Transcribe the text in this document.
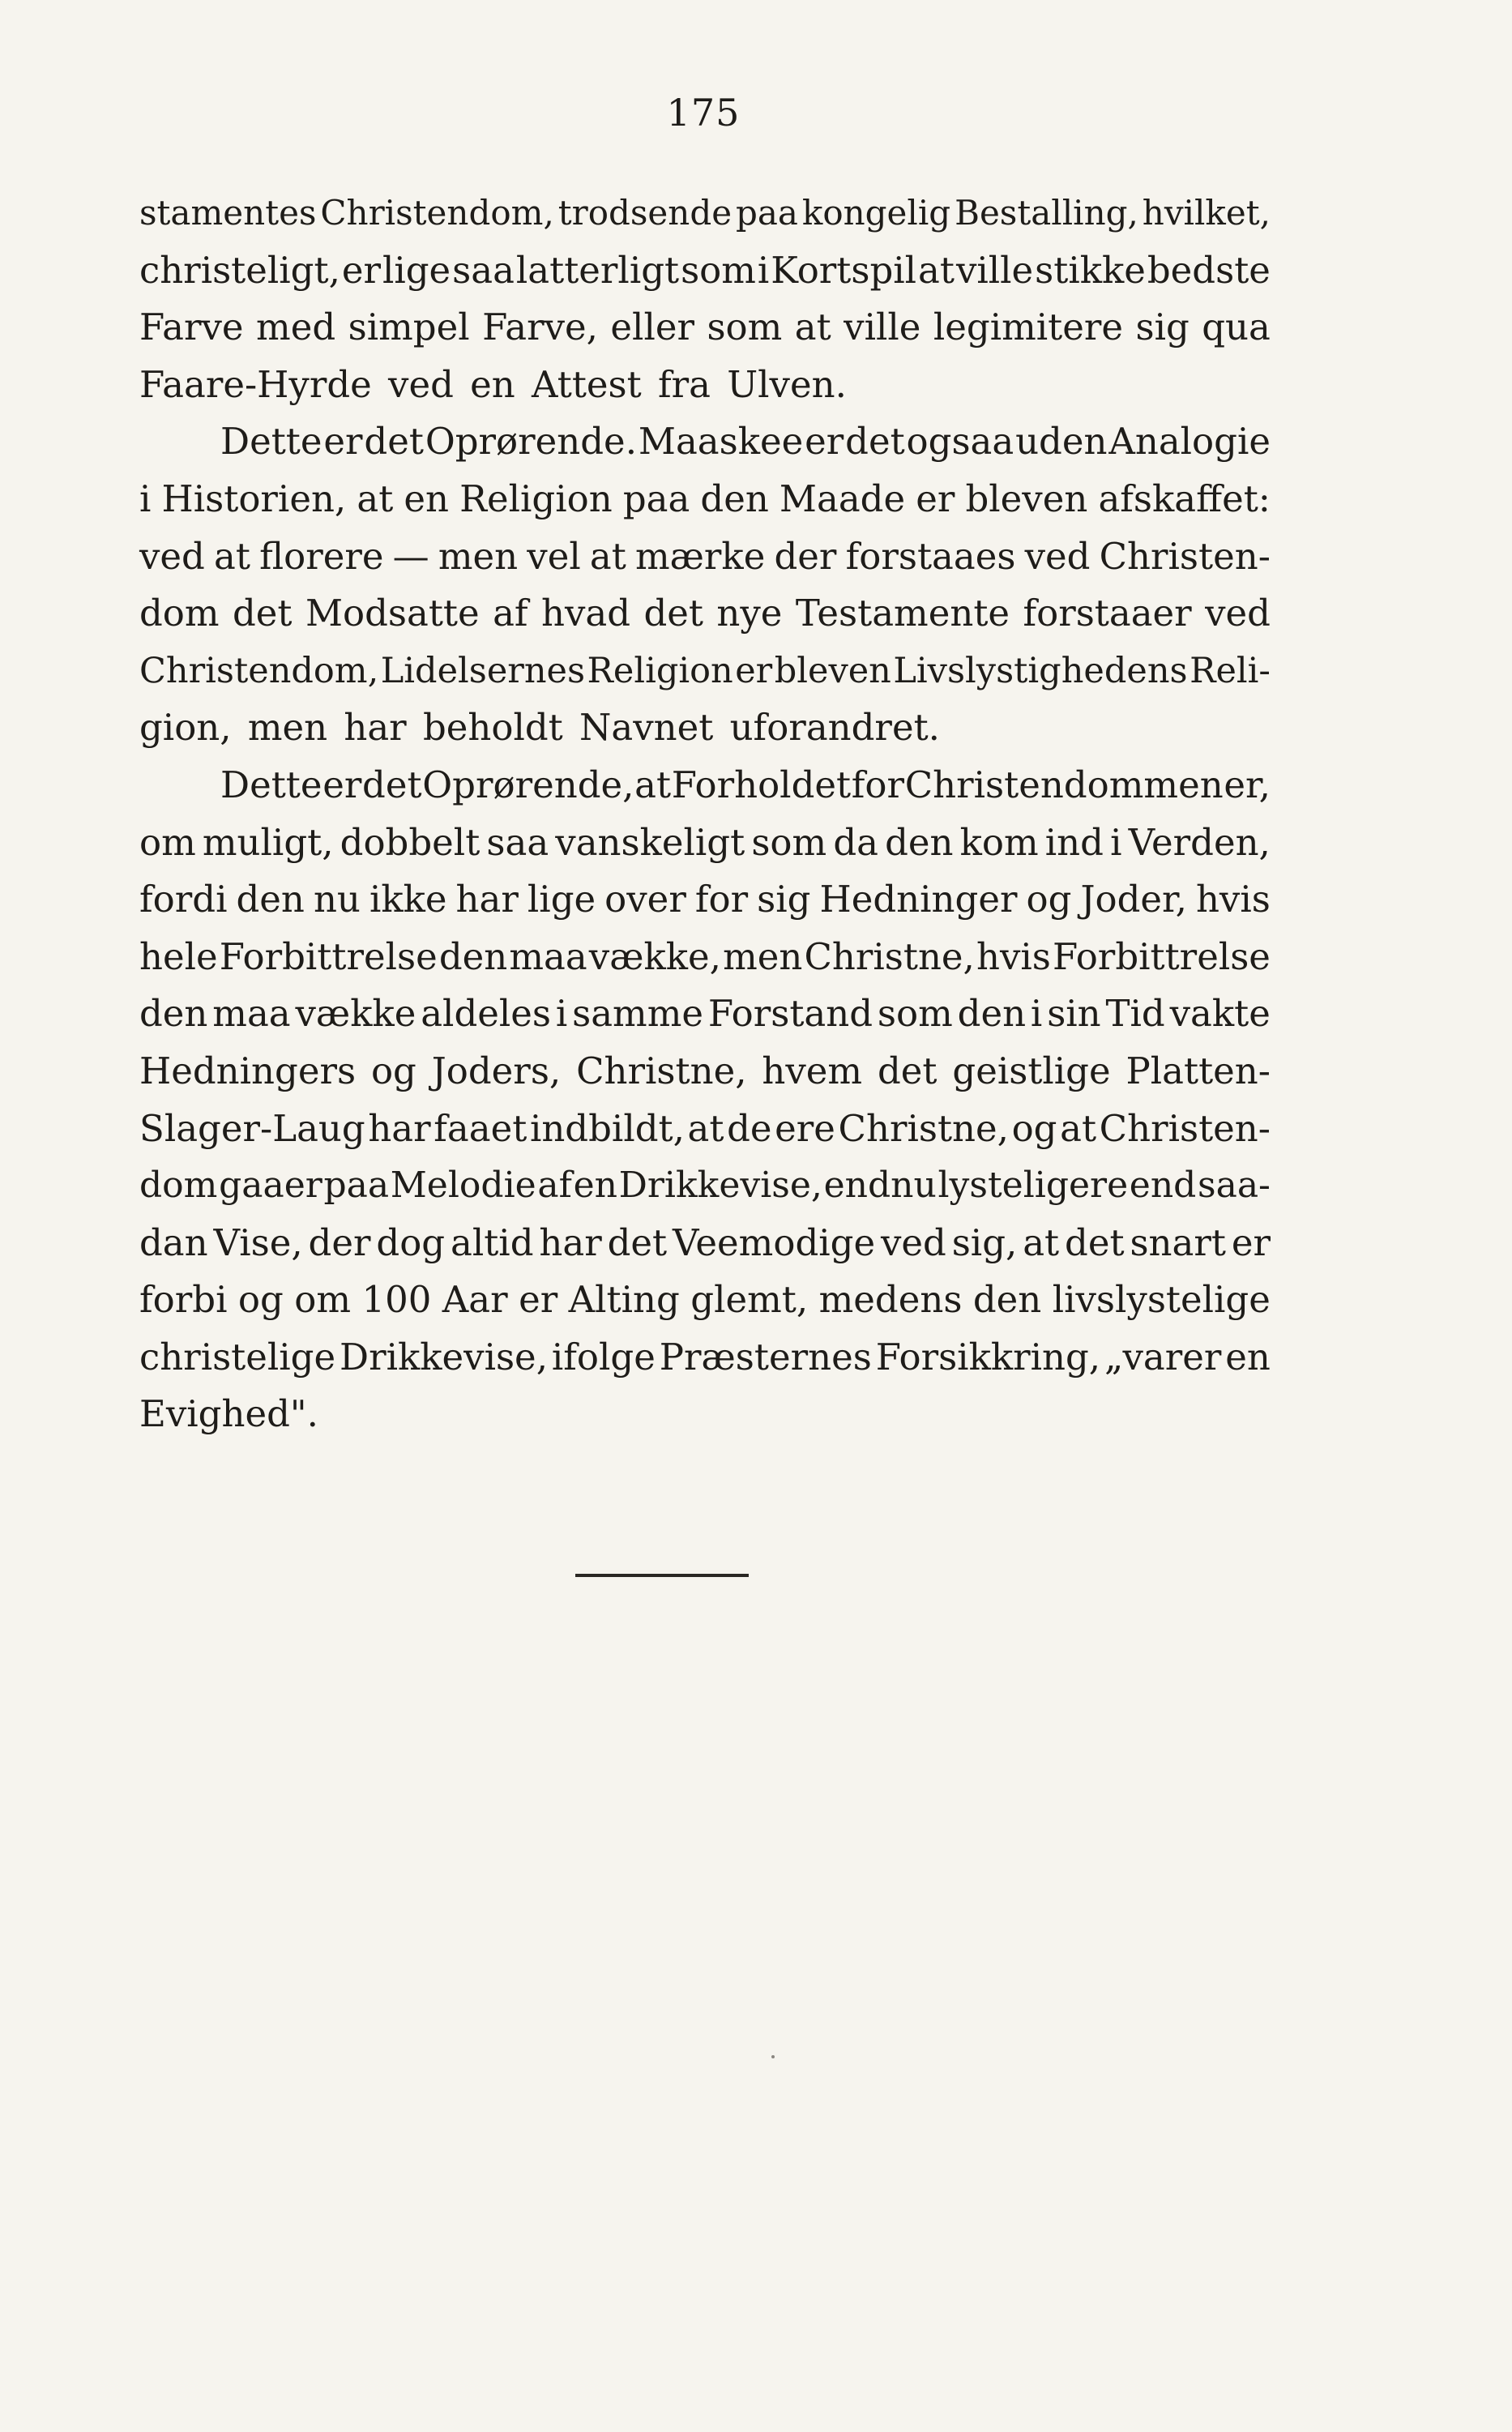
175
stamentes Christendom, trodsende paa kongelig Bestalling, hvilket,
christeligt, er lige saa latterligt som i Kortspil at ville stikke bedste
Farve med simpel Farve, eller som at ville legimitere sig qua
Faare-Hyrde ved en Attest fra Ulven.
Dette er det Oprørende. Maaskee er det ogsaa uden Analogie
i Historien, at en Religion paa den Maade er bleven afskaffet:
ved at florere — men vel at mærke der forstaaes ved Christen-
dom det Modsatte af hvad det nye Testamente forstaaer ved
Christendom, Lidelsernes Religion er bleven Livslystighedens Reli-
gion, men har beholdt Navnet uforandret.
Dette er det Oprørende, at Forholdet for Christendommen er,
om muligt, dobbelt saa vanskeligt som da den kom ind i Verden,
fordi den nu ikke har lige over for sig Hedninger og Joder, hvis
hele Forbittrelse den maa vække, men Christne, hvis Forbittrelse
den maa vække aldeles i samme Forstand som den i sin Tid vakte
Hedningers og Joders, Christne, hvem det geistlige Platten-
Slager-Laug har faaet indbildt, at de ere Christne, og at Christen-
dom gaaer paa Melodie af en Drikkevise, endnu lysteligere end saa-
dan Vise, der dog altid har det Veemodige ved sig, at det snart er
forbi og om 100 Aar er Alting glemt, medens den livslystelige
christelige Drikkevise, ifolge Præsternes Forsikkring, „varer en
Evighed".
